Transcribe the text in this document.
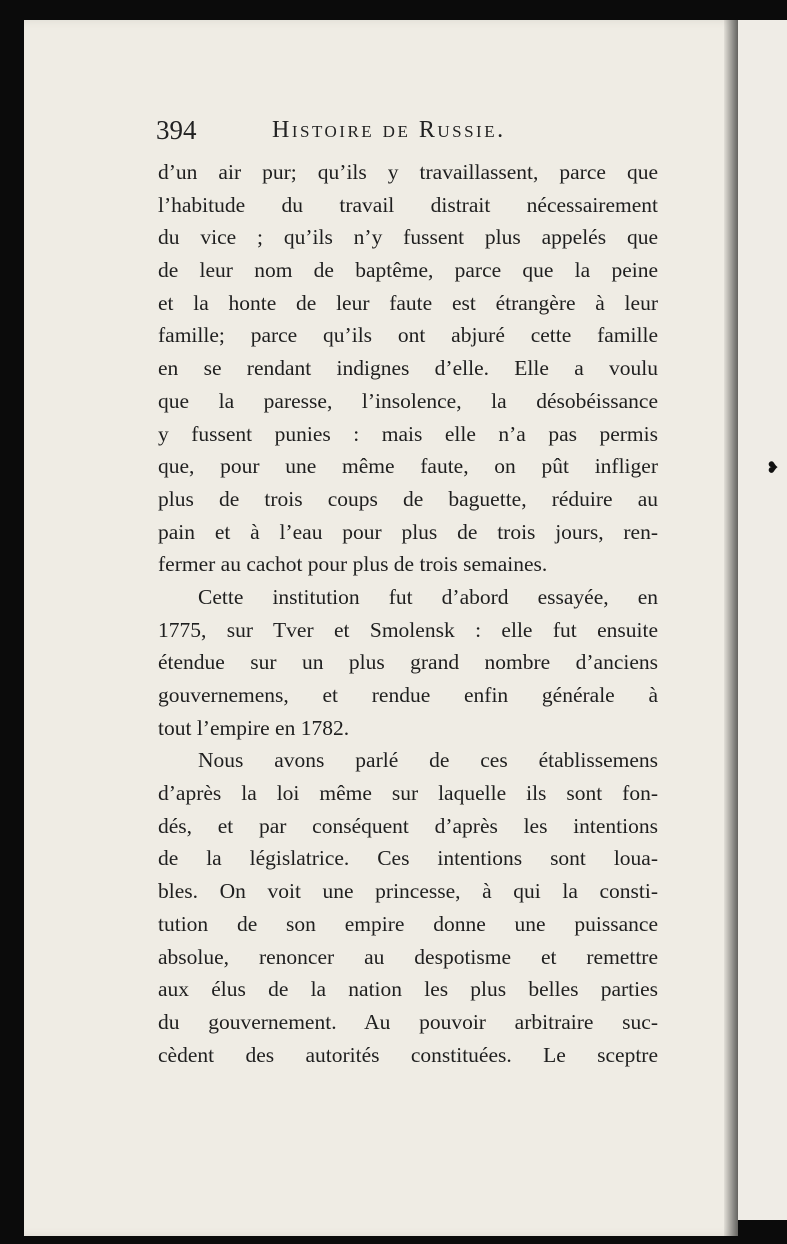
❥
394	Histoire de Russie.
d’un air pur; qu’ils y travaillassent, parce que
l’habitude du travail distrait nécessairement
du vice ; qu’ils n’y fussent plus appelés que
de leur nom de baptême, parce que la peine
et la honte de leur faute est étrangère à leur
famille; parce qu’ils ont abjuré cette famille
en se rendant indignes d’elle. Elle a voulu
que la paresse, l’insolence, la désobéissance
y fussent punies : mais elle n’a pas permis
que, pour une même faute, on pût infliger
plus de trois coups de baguette, réduire au
pain et à l’eau pour plus de trois jours, ren-
fermer au cachot pour plus de trois semaines.
Cette institution fut d’abord essayée, en
1775, sur Tver et Smolensk : elle fut ensuite
étendue sur un plus grand nombre d’anciens
gouvernemens, et rendue enfin générale à
tout l’empire en 1782.
Nous avons parlé de ces établissemens
d’après la loi même sur laquelle ils sont fon-
dés, et par conséquent d’après les intentions
de la législatrice. Ces intentions sont loua-
bles. On voit une princesse, à qui la consti-
tution de son empire donne une puissance
absolue, renoncer au despotisme et remettre
aux élus de la nation les plus belles parties
du gouvernement. Au pouvoir arbitraire suc-
cèdent des autorités constituées. Le sceptre
